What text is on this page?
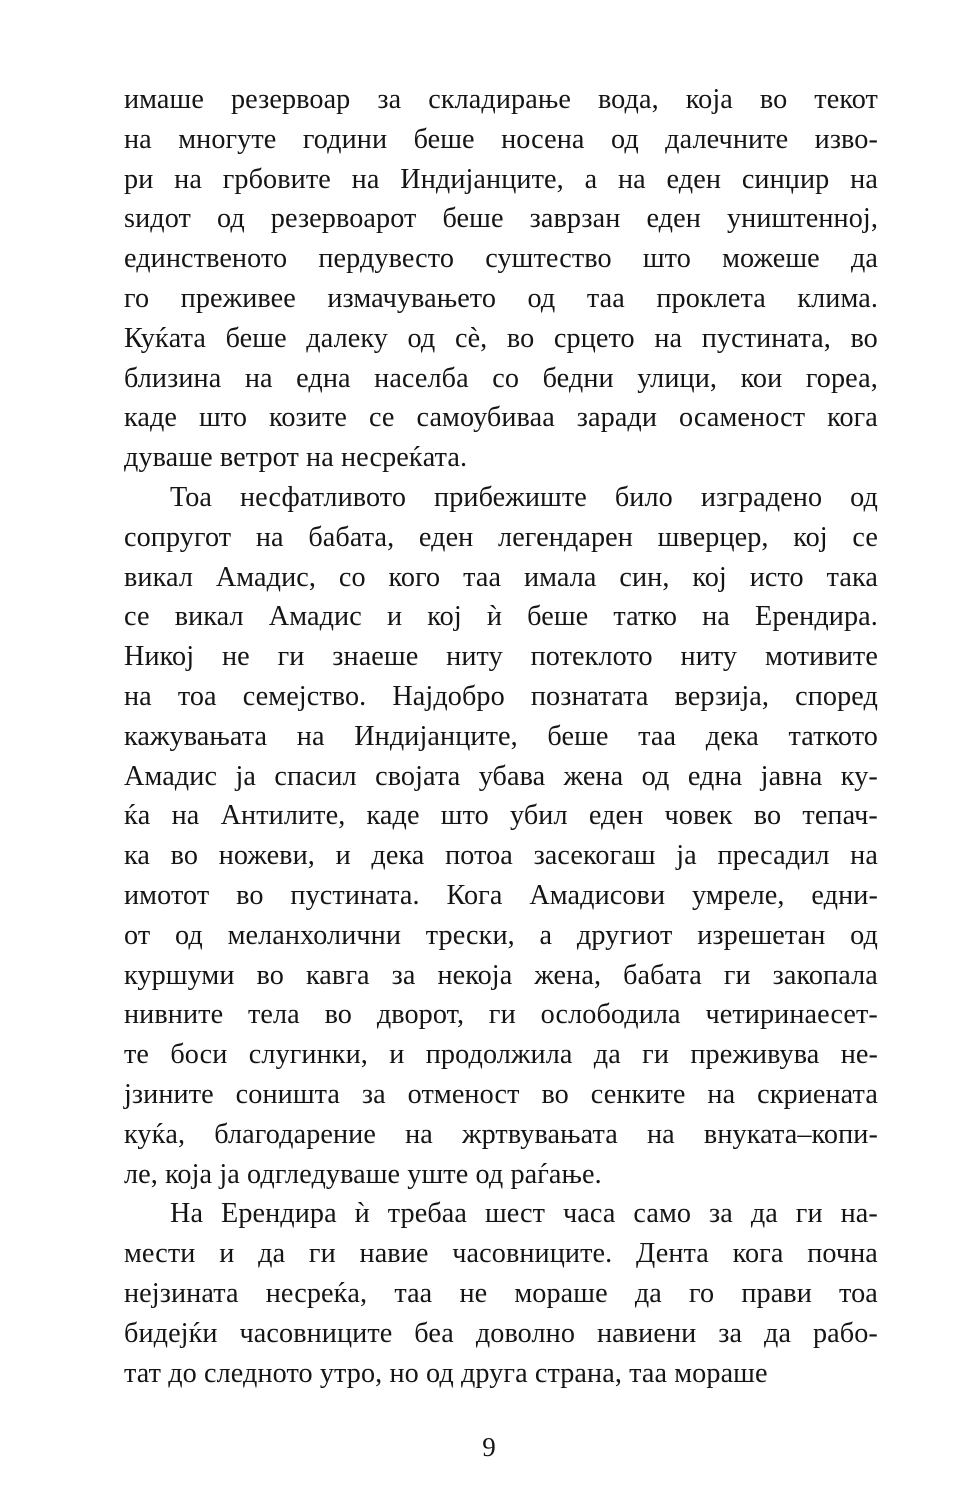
имаше резервоар за складирање вода, која во текот
на многуте години беше носена од далечните изво-
ри на грбовите на Индијанците, а на еден синџир на
ѕидот од резервоарот беше заврзан еден уништенној,
единственото пердувесто суштество што можеше да
го преживее измачувањето од таа проклета клима.
Куќата беше далеку од сѐ, во срцето на пустината, во
близина на една населба со бедни улици, кои гореа,
каде што козите се самоубиваа заради осаменост кога
дуваше ветрот на несреќата.
Тоа несфатливото прибежиште било изградено од
сопругот на бабата, еден легендарен шверцер, кој се
викал Амадис, со кого таа имала син, кој исто така
се викал Амадис и кој ѝ беше татко на Ерендира.
Никој не ги знаеше ниту потеклото ниту мотивите
на тоа семејство. Најдобро познатата верзија, според
кажувањата на Индијанците, беше таа дека таткото
Амадис ја спасил својата убава жена од една јавна ку-
ќа на Антилите, каде што убил еден човек во тепач-
ка во ножеви, и дека потоа засекогаш ја пресадил на
имотот во пустината. Кога Амадисови умреле, едни-
от од меланхолични трески, а другиот изрешетан од
куршуми во кавга за некоја жена, бабата ги закопала
нивните тела во дворот, ги ослободила четиринаесет-
те боси слугинки, и продолжила да ги преживува не-
јзините соништа за отменост во сенките на скриената
куќа, благодарение на жртвувањата на внуката–копи-
ле, која ја одгледуваше уште од раѓање.
На Ерендира ѝ требаа шест часа само за да ги на-
мести и да ги навие часовниците. Дента кога почна
нејзината несреќа, таа не мораше да го прави тоа
бидејќи часовниците беа доволно навиени за да рабо-
тат до следното утро, но од друга страна, таа мораше
9
